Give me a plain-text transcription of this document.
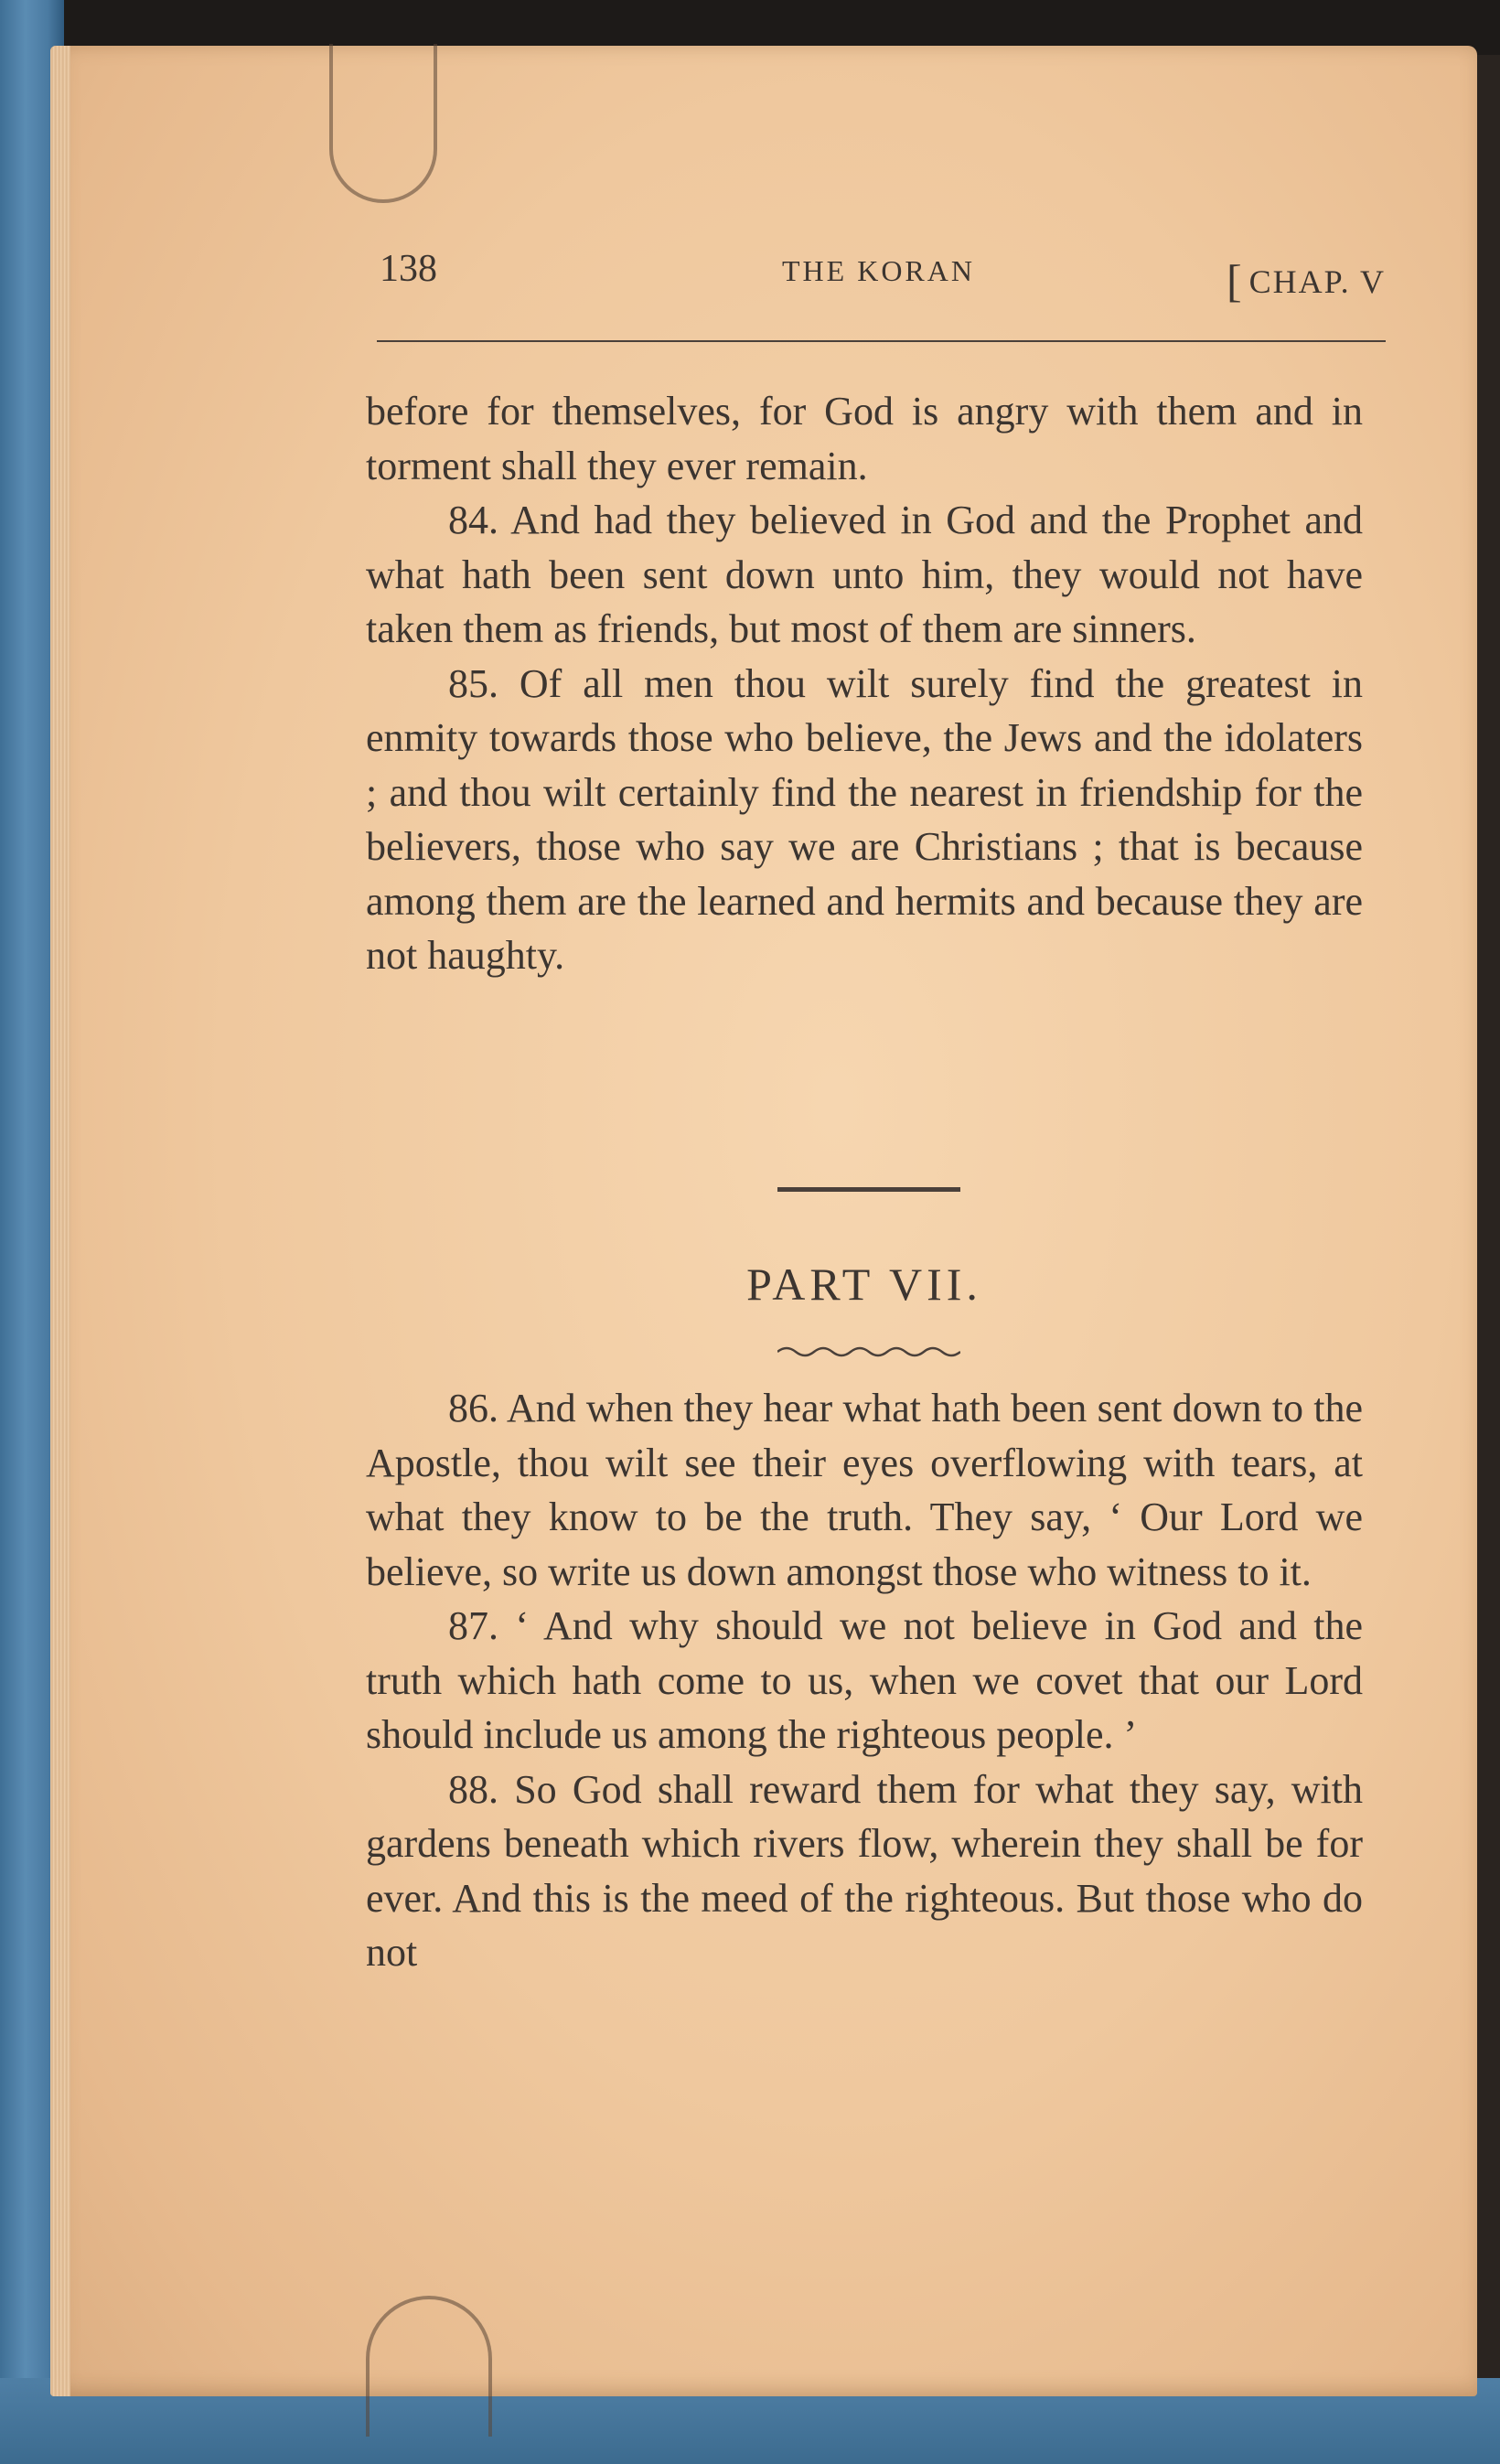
138	THE KORAN	[ CHAP. V

before for themselves, for God is angry with them and in torment shall they ever remain.

84. And had they believed in God and the Prophet and what hath been sent down unto him, they would not have taken them as friends, but most of them are sinners.

85. Of all men thou wilt surely find the greatest in enmity towards those who believe, the Jews and the idolaters ; and thou wilt certainly find the nearest in friendship for the believers, those who say we are Christians ; that is because among them are the learned and hermits and because they are not haughty.

PART VII.

86. And when they hear what hath been sent down to the Apostle, thou wilt see their eyes overflowing with tears, at what they know to be the truth. They say, ‘ Our Lord we believe, so write us down amongst those who witness to it.

87. ‘ And why should we not believe in God and the truth which hath come to us, when we covet that our Lord should include us among the righteous people. ’

88. So God shall reward them for what they say, with gardens beneath which rivers flow, wherein they shall be for ever. And this is the meed of the righteous. But those who do not
